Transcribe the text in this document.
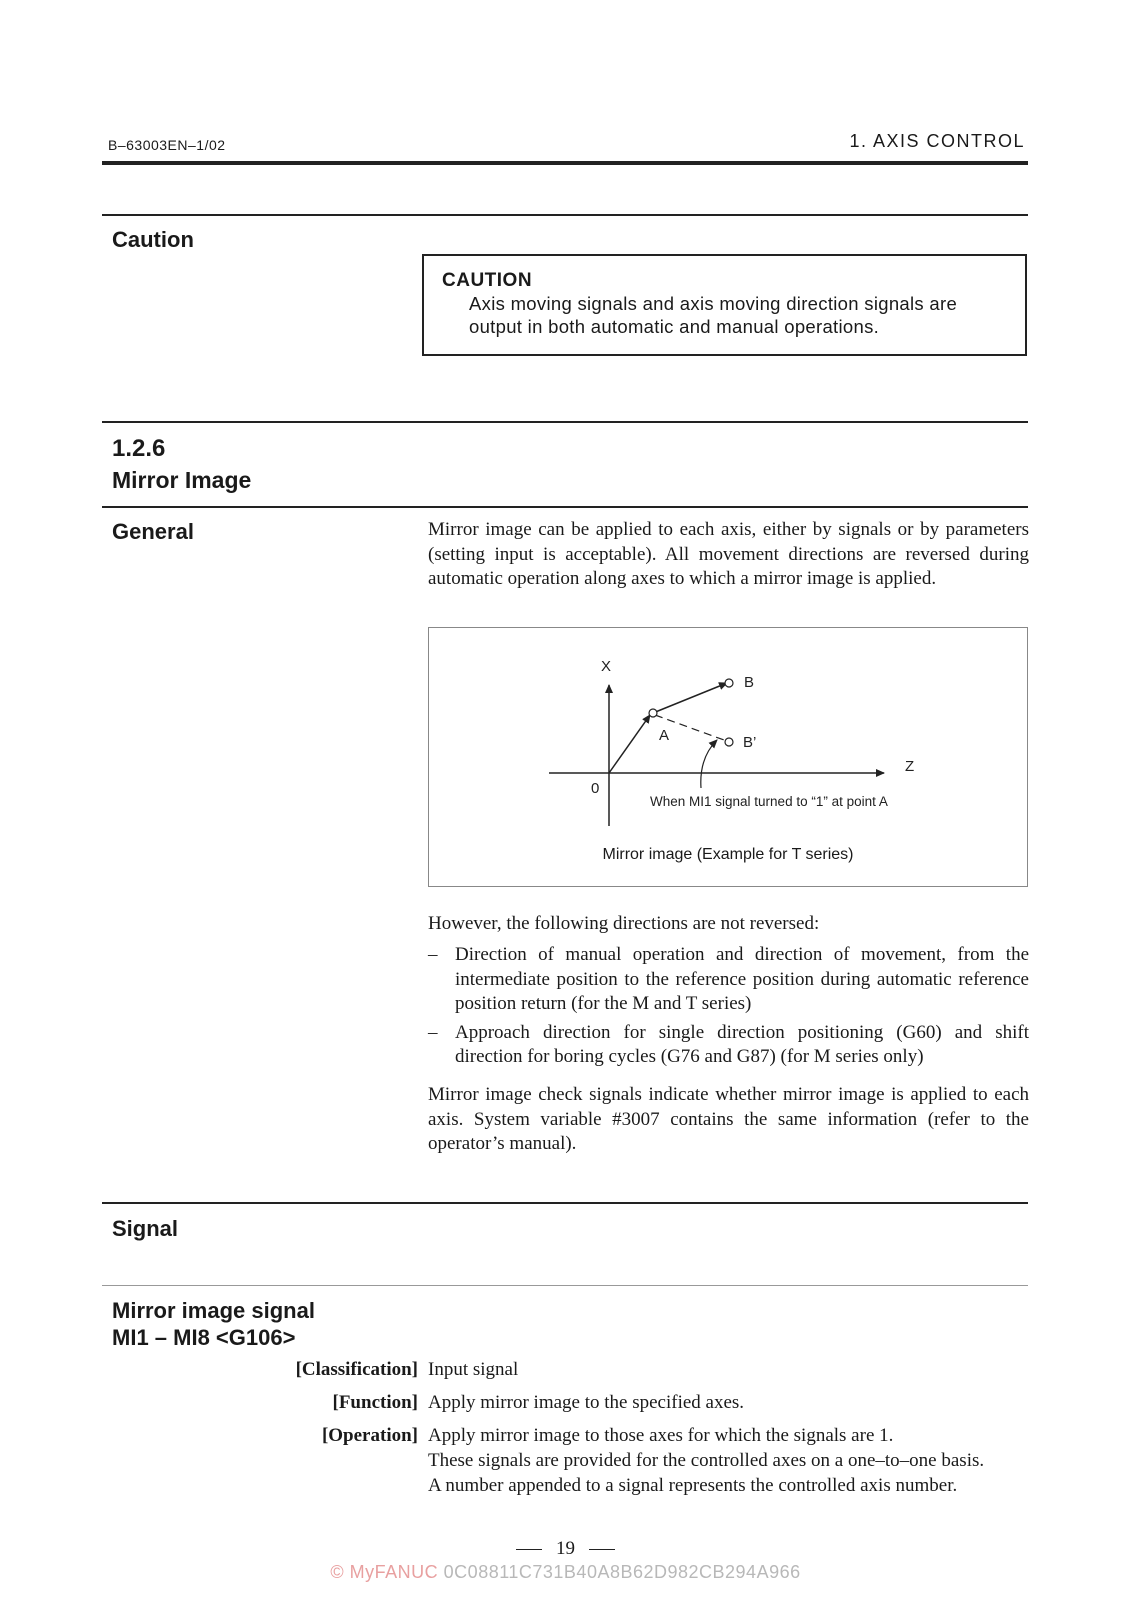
B–63003EN–1/02	1. AXIS CONTROL
Caution
CAUTION
Axis moving signals and axis moving direction signals are
output in both automatic and manual operations.
1.2.6
Mirror Image
General	Mirror image can be applied to each axis, either by signals or by parameters (setting input is acceptable). All movement directions are reversed during automatic operation along axes to which a mirror image is applied.

X
Z
0
A
B
B’
When MI1 signal turned to “1” at point A
Mirror image (Example for T series)
However, the following directions are not reversed:
– Direction of manual operation and direction of movement, from the intermediate position to the reference position during automatic reference position return (for the M and T series)
– Approach direction for single direction positioning (G60) and shift direction for boring cycles (G76 and G87) (for M series only)
Mirror image check signals indicate whether mirror image is applied to each axis. System variable #3007 contains the same information (refer to the operator’s manual).
Signal
Mirror image signal
MI1 – MI8 <G106>
[Classification] Input signal
[Function] Apply mirror image to the specified axes.
[Operation] Apply mirror image to those axes for which the signals are 1.
These signals are provided for the controlled axes on a one–to–one basis.
A number appended to a signal represents the controlled axis number.
19
© MyFANUC 0C08811C731B40A8B62D982CB294A966
